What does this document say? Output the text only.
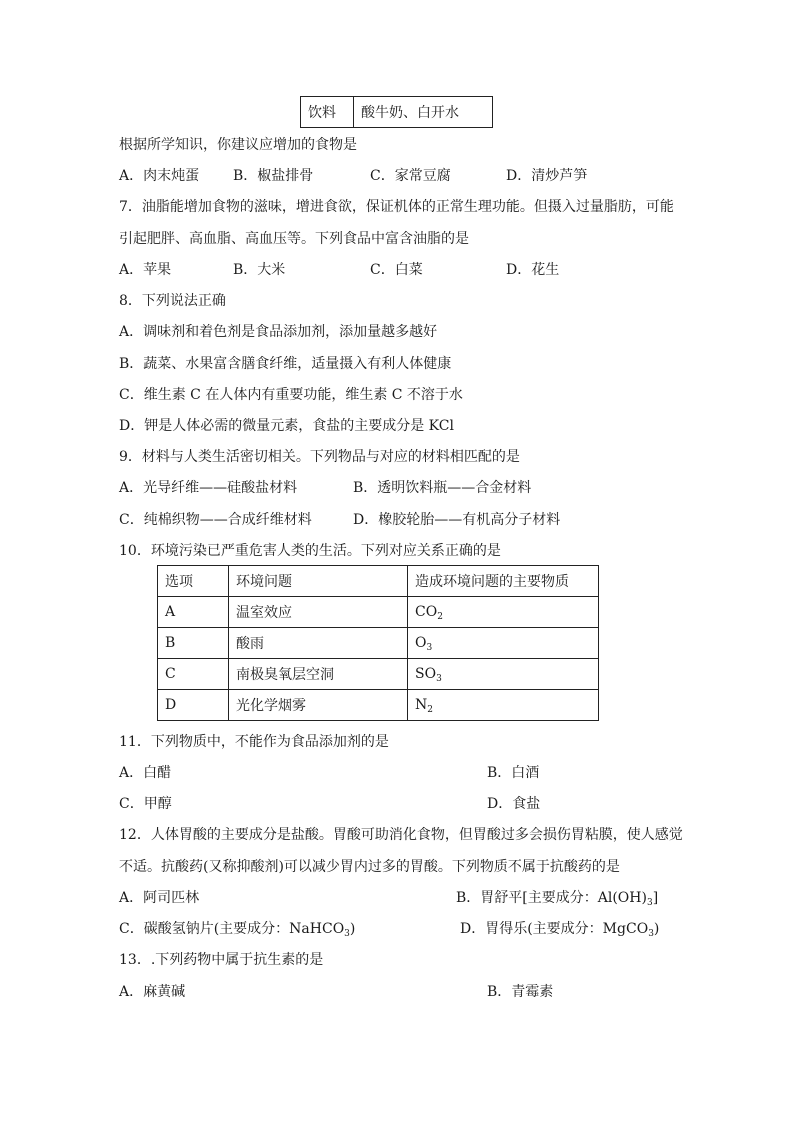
饮料	酸牛奶、白开水
根据所学知识，你建议应增加的食物是
A．肉末炖蛋 B．椒盐排骨	C．家常豆腐	D．清炒芦笋
7．油脂能增加食物的滋味，增进食欲，保证机体的正常生理功能。但摄入过量脂肪，可能
引起肥胖、高血脂、高血压等。下列食品中富含油脂的是
A．苹果	B．大米	C．白菜	D．花生
8．下列说法正确
A．调味剂和着色剂是食品添加剂，添加量越多越好
B．蔬菜、水果富含膳食纤维，适量摄入有利人体健康
C．维生素 C 在人体内有重要功能，维生素 C 不溶于水
D．钾是人体必需的微量元素，食盐的主要成分是 KCl
9．材料与人类生活密切相关。下列物品与对应的材料相匹配的是
A．光导纤维——硅酸盐材料	B．透明饮料瓶——合金材料
C．纯棉织物——合成纤维材料	D．橡胶轮胎——有机高分子材料
10．环境污染已严重危害人类的生活。下列对应关系正确的是
选项	环境问题	造成环境问题的主要物质
A	温室效应	$CO_2$
B	酸雨	$O_3$
C	南极臭氧层空洞	$SO_3$
D	光化学烟雾	$N_2$
11．下列物质中，不能作为食品添加剂的是
A．白醋	B．白酒
C．甲醇	D．食盐
12．人体胃酸的主要成分是盐酸。胃酸可助消化食物，但胃酸过多会损伤胃粘膜，使人感觉
不适。抗酸药(又称抑酸剂)可以减少胃内过多的胃酸。下列物质不属于抗酸药的是
A．阿司匹林	B．胃舒平[主要成分：$Al(OH)_3$]
C．碳酸氢钠片(主要成分：NaHCO$_3$)	D．胃得乐(主要成分：MgCO$_3$)
13．.下列药物中属于抗生素的是
A．麻黄碱	B．青霉素
